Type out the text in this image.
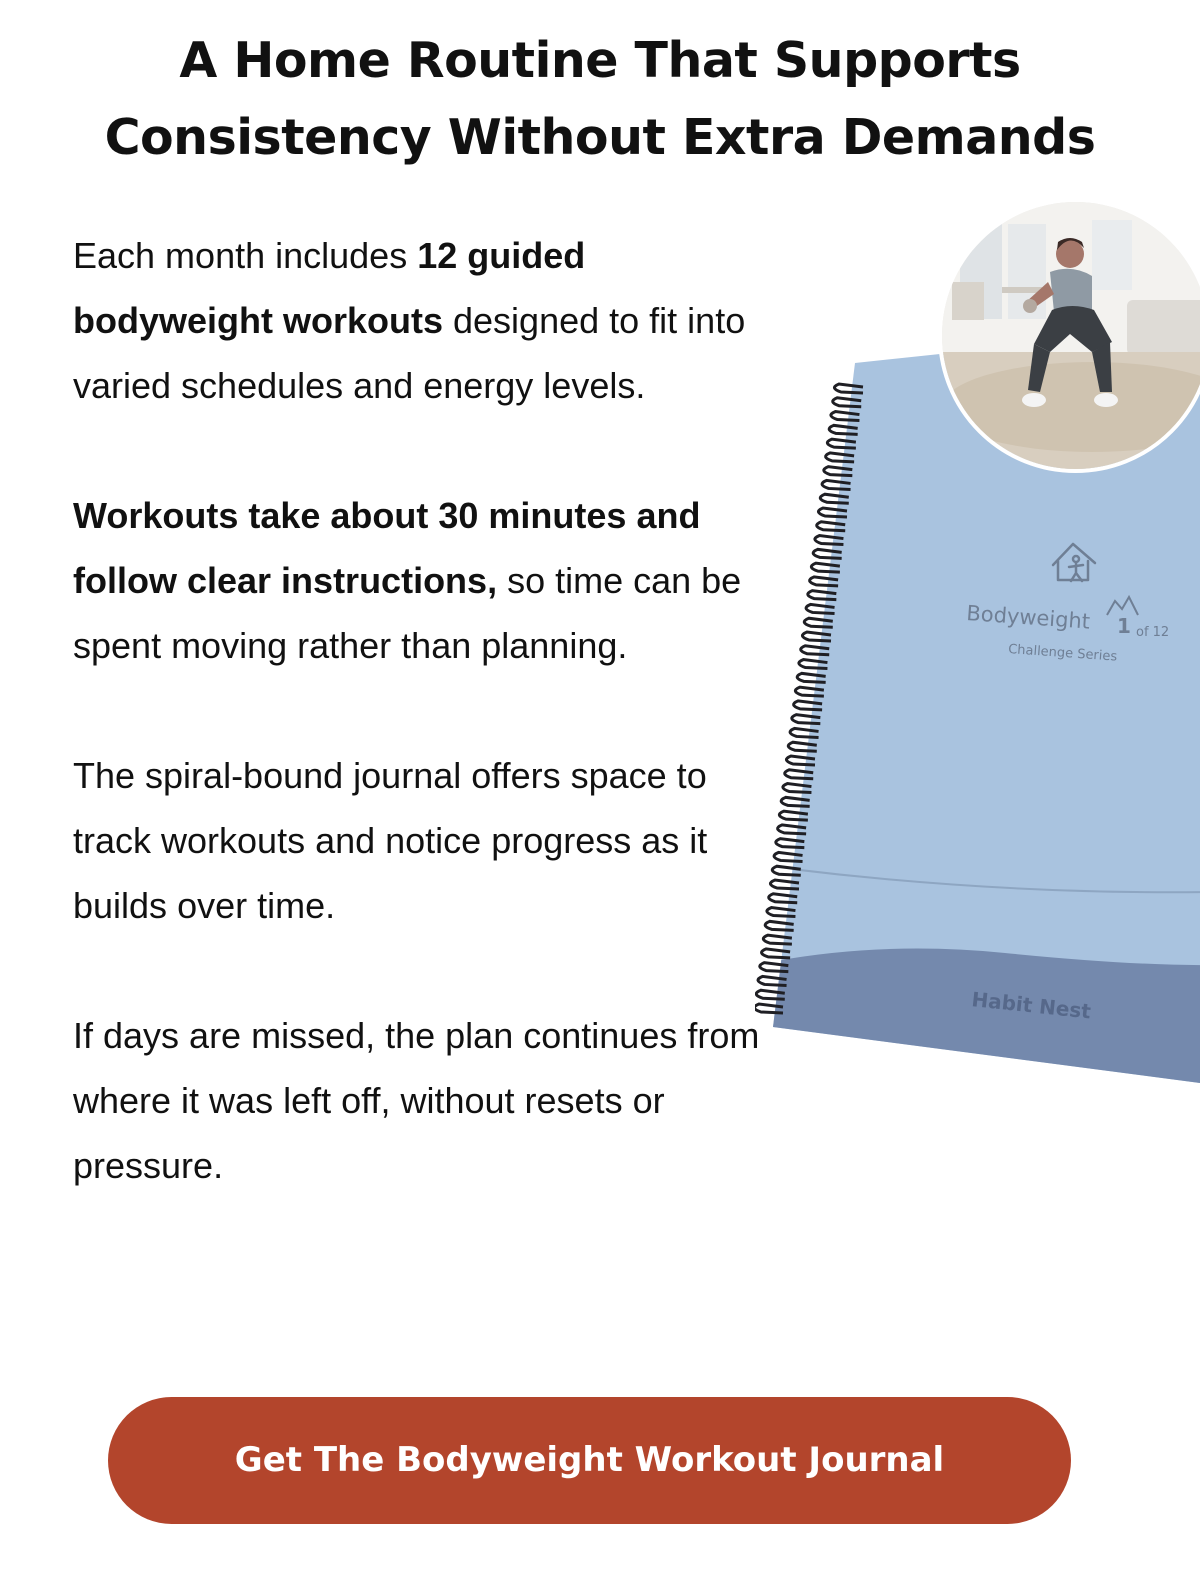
A Home Routine That Supports
Consistency Without Extra Demands

Each month includes 12 guided bodyweight workouts designed to fit into varied schedules and energy levels.

Workouts take about 30 minutes and follow clear instructions, so time can be spent moving rather than planning.

The spiral-bound journal offers space to track workouts and notice progress as it builds over time.

If days are missed, the plan continues from where it was left off, without resets or pressure.

Bodyweight 1 of 12
Challenge Series
Habit Nest
Get The Bodyweight Workout Journal
